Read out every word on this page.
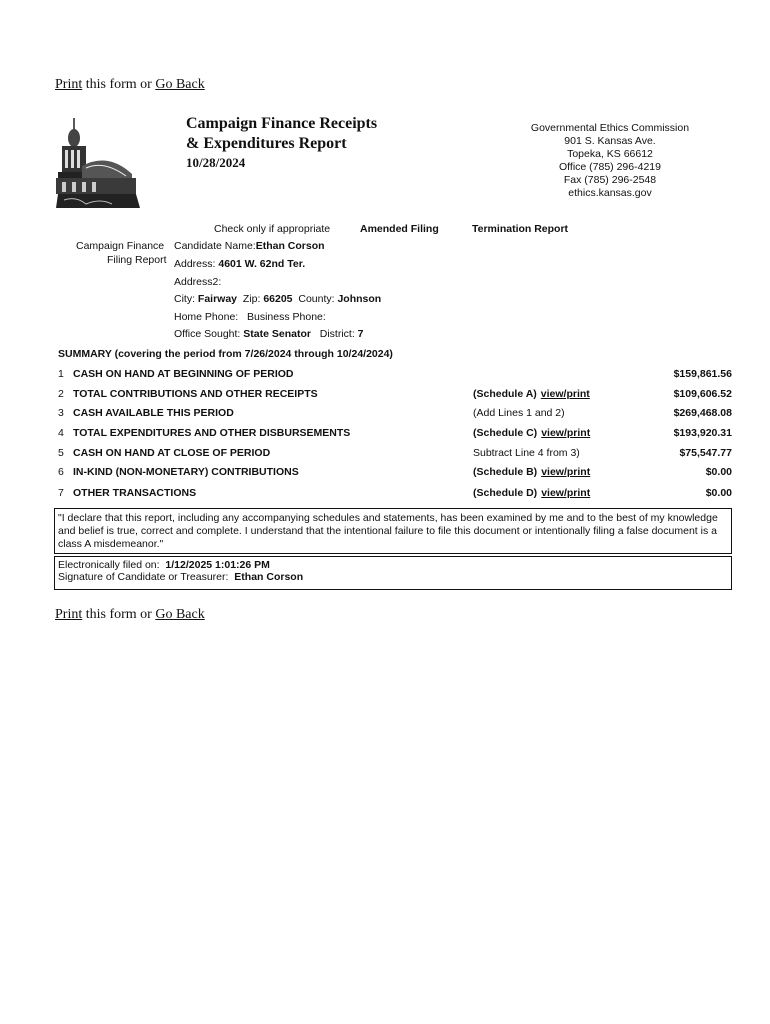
Print this form or Go Back
Campaign Finance Receipts
& Expenditures Report
10/28/2024
Governmental Ethics Commission
901 S. Kansas Ave.
Topeka, KS 66612
Office (785) 296-4219
Fax (785) 296-2548
ethics.kansas.gov
Check only if appropriate	Amended Filing	Termination Report
Campaign Finance
Filing Report
Candidate Name:Ethan Corson
Address: 4601 W. 62nd Ter.
Address2:
City: Fairway Zip: 66205 County: Johnson
Home Phone: Business Phone:
Office Sought: State Senator District: 7
SUMMARY (covering the period from 7/26/2024 through 10/24/2024)
1 CASH ON HAND AT BEGINNING OF PERIOD	$159,861.56
2 TOTAL CONTRIBUTIONS AND OTHER RECEIPTS	(Schedule A) view/print	$109,606.52
3 CASH AVAILABLE THIS PERIOD	(Add Lines 1 and 2)	$269,468.08
4 TOTAL EXPENDITURES AND OTHER DISBURSEMENTS	(Schedule C) view/print	$193,920.31
5 CASH ON HAND AT CLOSE OF PERIOD	Subtract Line 4 from 3)	$75,547.77
6 IN-KIND (NON-MONETARY) CONTRIBUTIONS	(Schedule B) view/print	$0.00
7 OTHER TRANSACTIONS	(Schedule D) view/print	$0.00
"I declare that this report, including any accompanying schedules and statements, has been examined by me and to the best of my knowledge and belief is true, correct and complete. I understand that the intentional failure to file this document or intentionally filing a false document is a class A misdemeanor."
Electronically filed on: 1/12/2025 1:01:26 PM
Signature of Candidate or Treasurer: Ethan Corson
Print this form or Go Back
